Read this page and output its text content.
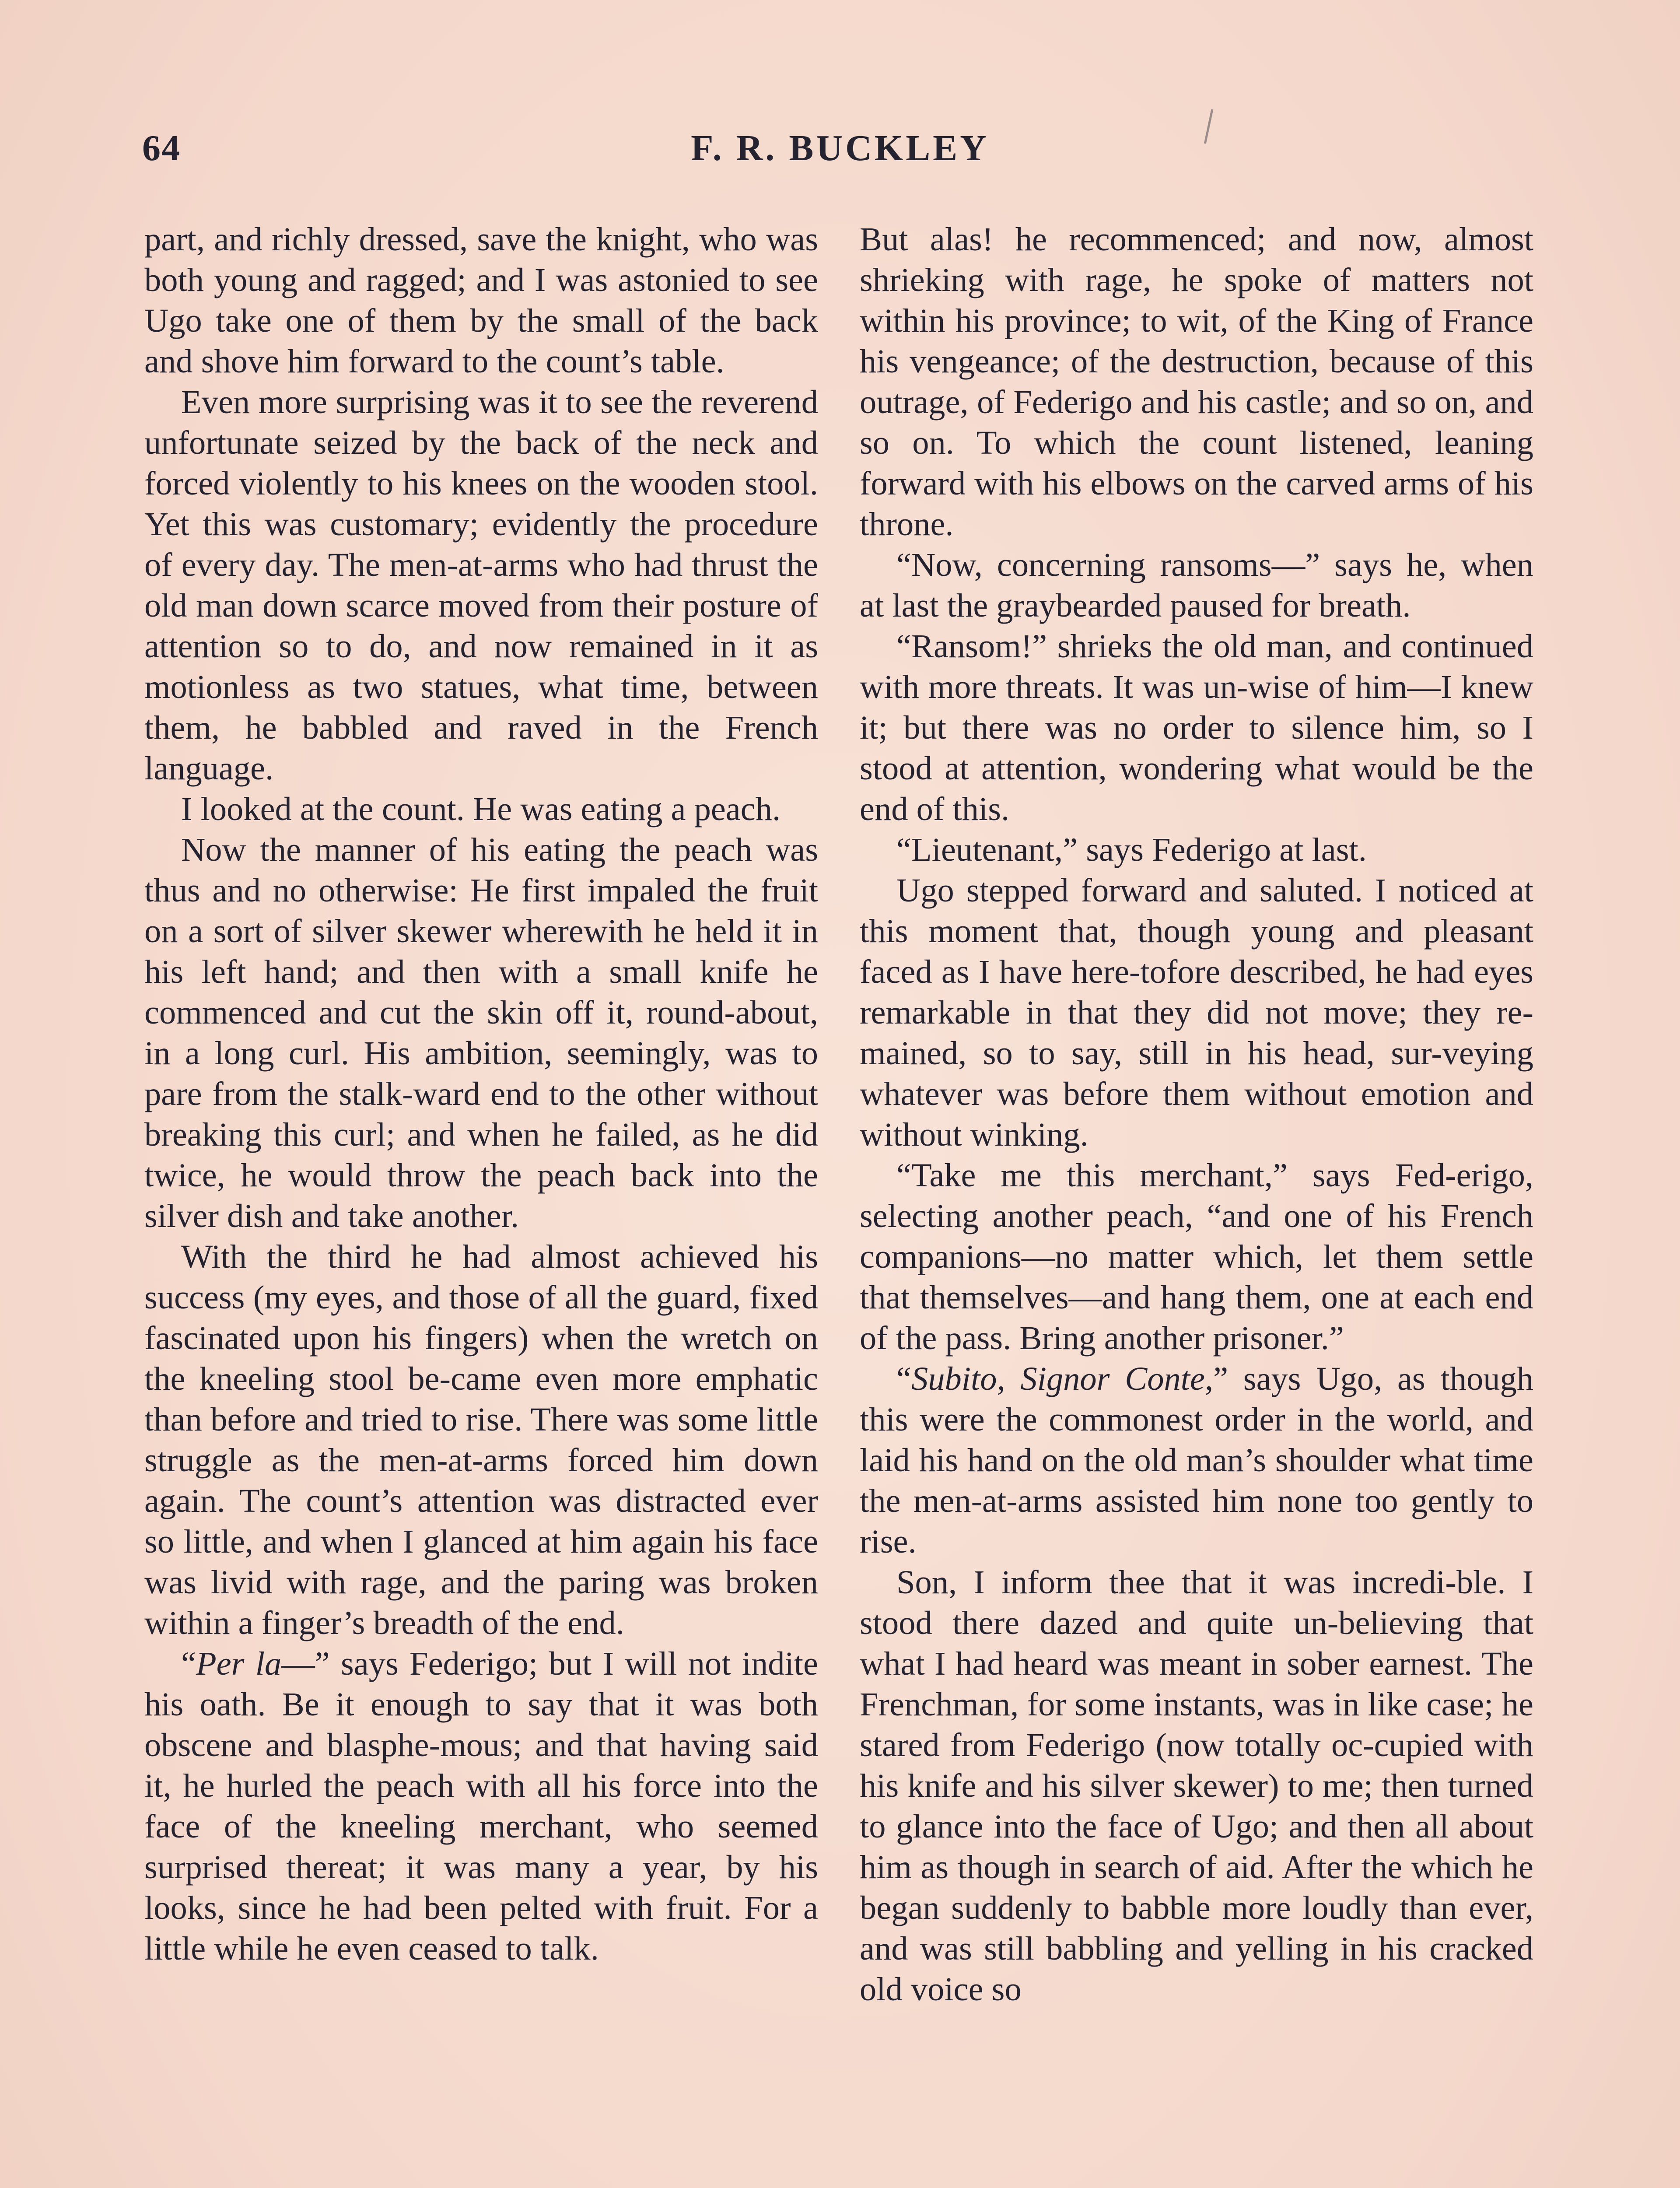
64	F. R. BUCKLEY

part, and richly dressed, save the knight, who was both young and ragged; and I was astonied to see Ugo take one of them by the small of the back and shove him forward to the count’s table.

Even more surprising was it to see the reverend unfortunate seized by the back of the neck and forced violently to his knees on the wooden stool. Yet this was customary; evidently the procedure of every day. The men-at-arms who had thrust the old man down scarce moved from their posture of attention so to do, and now remained in it as motionless as two statues, what time, between them, he babbled and raved in the French language.

I looked at the count. He was eating a peach.

Now the manner of his eating the peach was thus and no otherwise: He first impaled the fruit on a sort of silver skewer wherewith he held it in his left hand; and then with a small knife he commenced and cut the skin off it, round-about, in a long curl. His ambition, seemingly, was to pare from the stalk-ward end to the other without breaking this curl; and when he failed, as he did twice, he would throw the peach back into the silver dish and take another.

With the third he had almost achieved his success (my eyes, and those of all the guard, fixed fascinated upon his fingers) when the wretch on the kneeling stool be-came even more emphatic than before and tried to rise. There was some little struggle as the men-at-arms forced him down again. The count’s attention was distracted ever so little, and when I glanced at him again his face was livid with rage, and the paring was broken within a finger’s breadth of the end.

“Per la—” says Federigo; but I will not indite his oath. Be it enough to say that it was both obscene and blasphe-mous; and that having said it, he hurled the peach with all his force into the face of the kneeling merchant, who seemed surprised thereat; it was many a year, by his looks, since he had been pelted with fruit. For a little while he even ceased to talk.

But alas! he recommenced; and now, almost shrieking with rage, he spoke of matters not within his province; to wit, of the King of France his vengeance; of the destruction, because of this outrage, of Federigo and his castle; and so on, and so on. To which the count listened, leaning forward with his elbows on the carved arms of his throne.

“Now, concerning ransoms—” says he, when at last the graybearded paused for breath.

“Ransom!” shrieks the old man, and continued with more threats. It was un-wise of him—I knew it; but there was no order to silence him, so I stood at attention, wondering what would be the end of this.

“Lieutenant,” says Federigo at last.

Ugo stepped forward and saluted. I noticed at this moment that, though young and pleasant faced as I have here-tofore described, he had eyes remarkable in that they did not move; they re-mained, so to say, still in his head, sur-veying whatever was before them without emotion and without winking.

“Take me this merchant,” says Fed-erigo, selecting another peach, “and one of his French companions—no matter which, let them settle that themselves—and hang them, one at each end of the pass. Bring another prisoner.”

“Subito, Signor Conte,” says Ugo, as though this were the commonest order in the world, and laid his hand on the old man’s shoulder what time the men-at-arms assisted him none too gently to rise.

Son, I inform thee that it was incredi-ble. I stood there dazed and quite un-believing that what I had heard was meant in sober earnest. The Frenchman, for some instants, was in like case; he stared from Federigo (now totally oc-cupied with his knife and his silver skewer) to me; then turned to glance into the face of Ugo; and then all about him as though in search of aid. After the which he began suddenly to babble more loudly than ever, and was still babbling and yelling in his cracked old voice so
